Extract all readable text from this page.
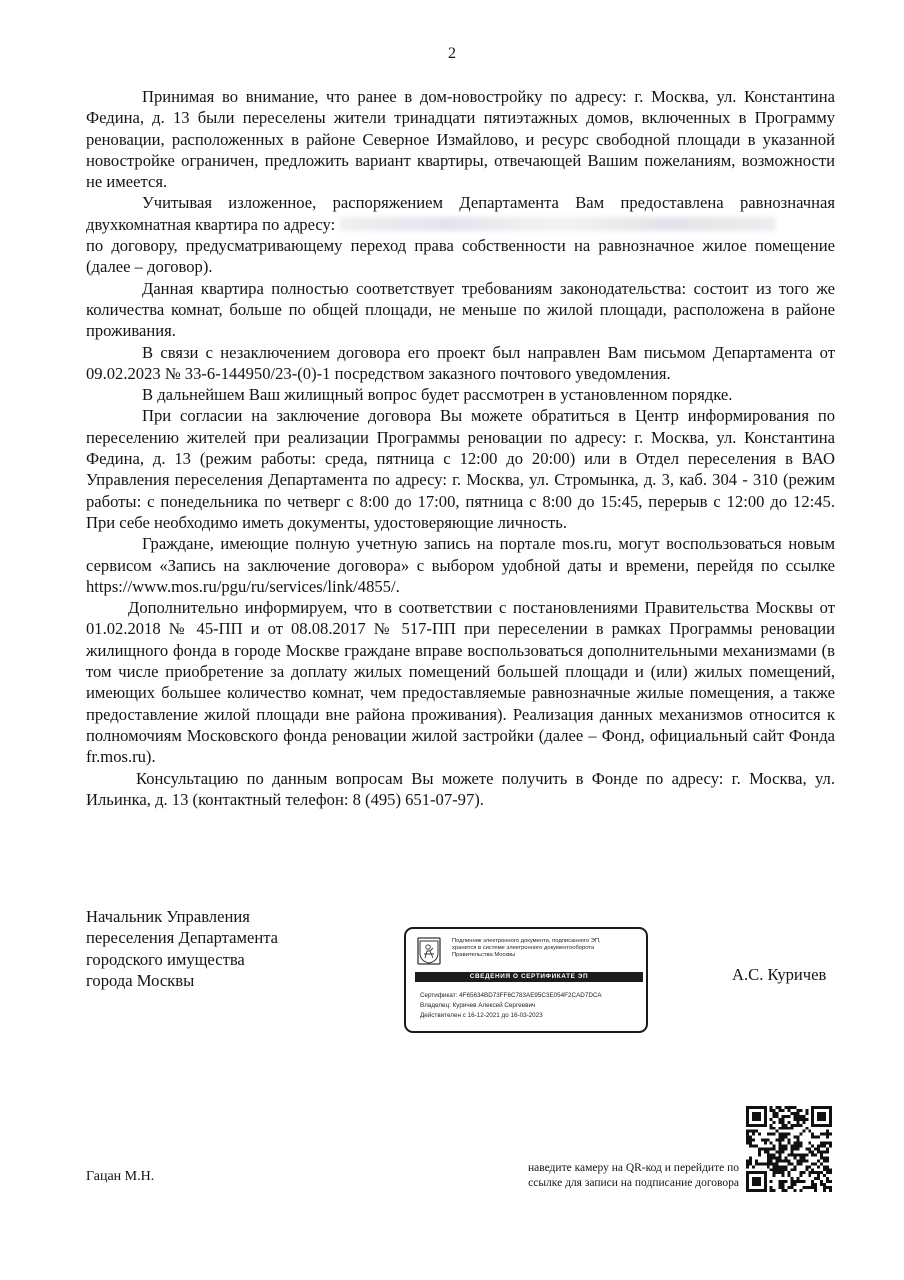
2

Принимая во внимание, что ранее в дом-новостройку по адресу: г. Москва, ул. Константина Федина, д. 13 были переселены жители тринадцати пятиэтажных домов, включенных в Программу реновации, расположенных в районе Северное Измайлово, и ресурс свободной площади в указанной новостройке ограничен, предложить вариант квартиры, отвечающей Вашим пожеланиям, возможности не имеется.

Учитывая изложенное, распоряжением Департамента Вам предоставлена равнозначная

двухкомнатная квартира по адресу:

по договору, предусматривающему переход права собственности на равнозначное жилое помещение (далее – договор).

Данная квартира полностью соответствует требованиям законодательства: состоит из того же количества комнат, больше по общей площади, не меньше по жилой площади, расположена в районе проживания.

В связи с незаключением договора его проект был направлен Вам письмом Департамента от 09.02.2023 № 33-6-144950/23-(0)-1 посредством заказного почтового уведомления.

В дальнейшем Ваш жилищный вопрос будет рассмотрен в установленном порядке.

При согласии на заключение договора Вы можете обратиться в Центр информирования по переселению жителей при реализации Программы реновации по адресу: г. Москва, ул. Константина Федина, д. 13 (режим работы: среда, пятница с 12:00 до 20:00) или в Отдел переселения в ВАО Управления переселения Департамента по адресу: г. Москва, ул. Стромынка, д. 3, каб. 304 - 310 (режим работы: с понедельника по четверг с 8:00 до 17:00, пятница с 8:00 до 15:45, перерыв с 12:00 до 12:45. При себе необходимо иметь документы, удостоверяющие личность.

Граждане, имеющие полную учетную запись на портале mos.ru, могут воспользоваться новым сервисом «Запись на заключение договора» с выбором удобной даты и времени, перейдя по ссылке https://www.mos.ru/pgu/ru/services/link/4855/.

Дополнительно информируем, что в соответствии с постановлениями Правительства Москвы от 01.02.2018 № 45-ПП и от 08.08.2017 № 517-ПП при переселении в рамках Программы реновации жилищного фонда в городе Москве граждане вправе воспользоваться дополнительными механизмами (в том числе приобретение за доплату жилых помещений большей площади и (или) жилых помещений, имеющих большее количество комнат, чем предоставляемые равнозначные жилые помещения, а также предоставление жилой площади вне района проживания). Реализация данных механизмов относится к полномочиям Московского фонда реновации жилой застройки (далее – Фонд, официальный сайт Фонда fr.mos.ru).

Консультацию по данным вопросам Вы можете получить в Фонде по адресу: г. Москва, ул. Ильинка, д. 13 (контактный телефон: 8 (495) 651-07-97).

Начальник Управления
переселения Департамента
городского имущества
города Москвы
Подлинник электронного документа, подписанного ЭП,
хранится в системе электронного документооборота
Правительства Москвы
СВЕДЕНИЯ О СЕРТИФИКАТЕ ЭП
Сертификат: 4F65634BD73FF6C783AE95C3E054F2CAD7DCA
Владелец: Куричев Алексей Сергеевич
Действителен с 16-12-2021 до 16-03-2023
А.С. Куричев
Гацан М.Н.
наведите камеру на QR-код и перейдите по
ссылке для записи на подписание договора
